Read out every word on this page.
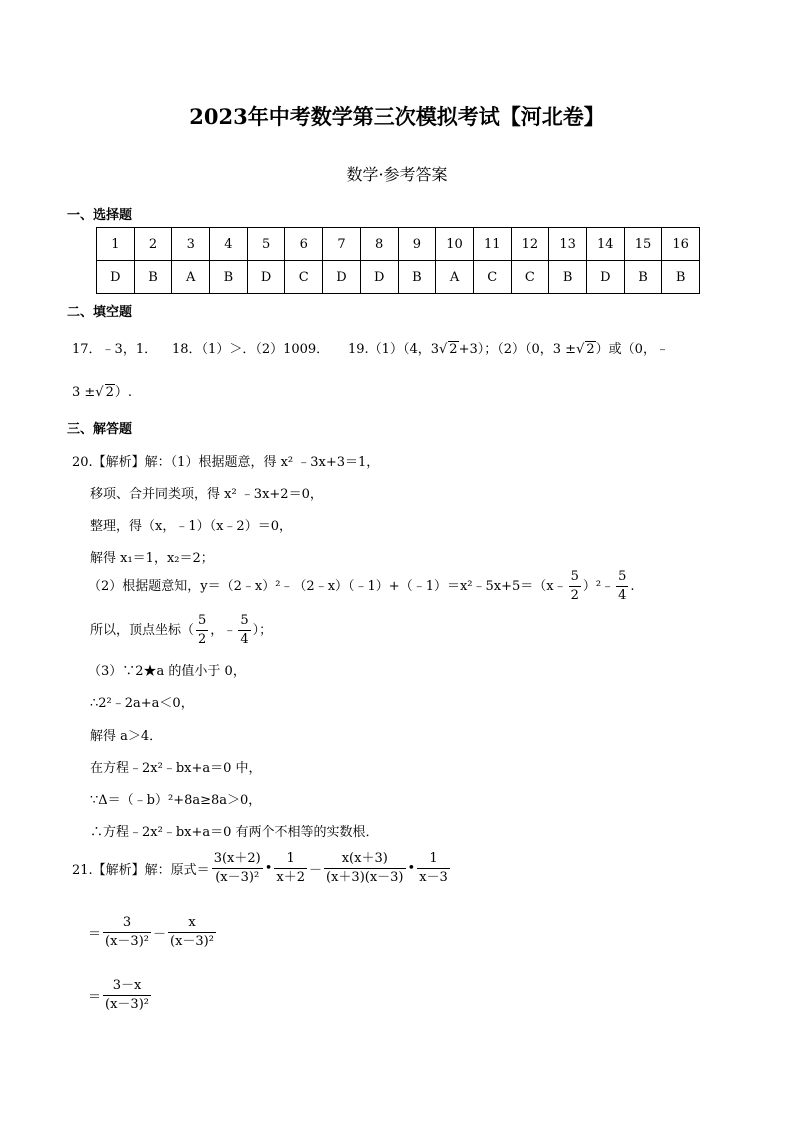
2023年中考数学第三次模拟考试【河北卷】
数学·参考答案
一、选择题
1	2	3	4	5	6	7	8	9	10	11	12	13	14	15	16
D	B	A	B	D	C	D	D	B	A	C	C	B	D	B	B
二、填空题
17．﹣3，1． 18．（1）＞．（2）1009． 19.（1）（4，3√ 2+3）；（2）（0，3 ±√ 2）或（0，﹣
3 ±√ 2）.
三、解答题
20.【解析】解：（1）根据题意，得 x² ﹣3x+3＝1，
移项、合并同类项，得 x² ﹣3x+2＝0，
整理，得（x，﹣1）（x﹣2）＝0，
解得 x₁＝1，x₂＝2；
（2）根据题意知，y＝（2﹣x）²﹣（2﹣x）（﹣1）+（﹣1）＝x²﹣5x+5＝（x﹣ $\frac{5}{2}$ ）²﹣ $\frac{5}{4}$ .
所以，顶点坐标（ $\frac{5}{2}$ ，﹣ $\frac{5}{4}$ ）；
（3）∵2★a 的值小于 0，
∴2²﹣2a+a＜0，
解得 a＞4．
在方程﹣2x²﹣bx+a＝0 中，
∵Δ＝（﹣b）²+8a≥8a＞0，
∴方程﹣2x²﹣bx+a＝0 有两个不相等的实数根．
21.【解析】解：原式＝ $\frac{3(x+2)}{\text{(x－3)²}}$ • $\frac{1}{x+2} - \frac{x(x+3)}{(x+3)(x-3)}$ • $\frac{1}{x-3}$
＝ $\frac{3}{\text{(x－3)²}} - \frac{x}{\text{(x－3)²}}$
＝ $\frac{3-x}{\text{(x－3)²}}$
